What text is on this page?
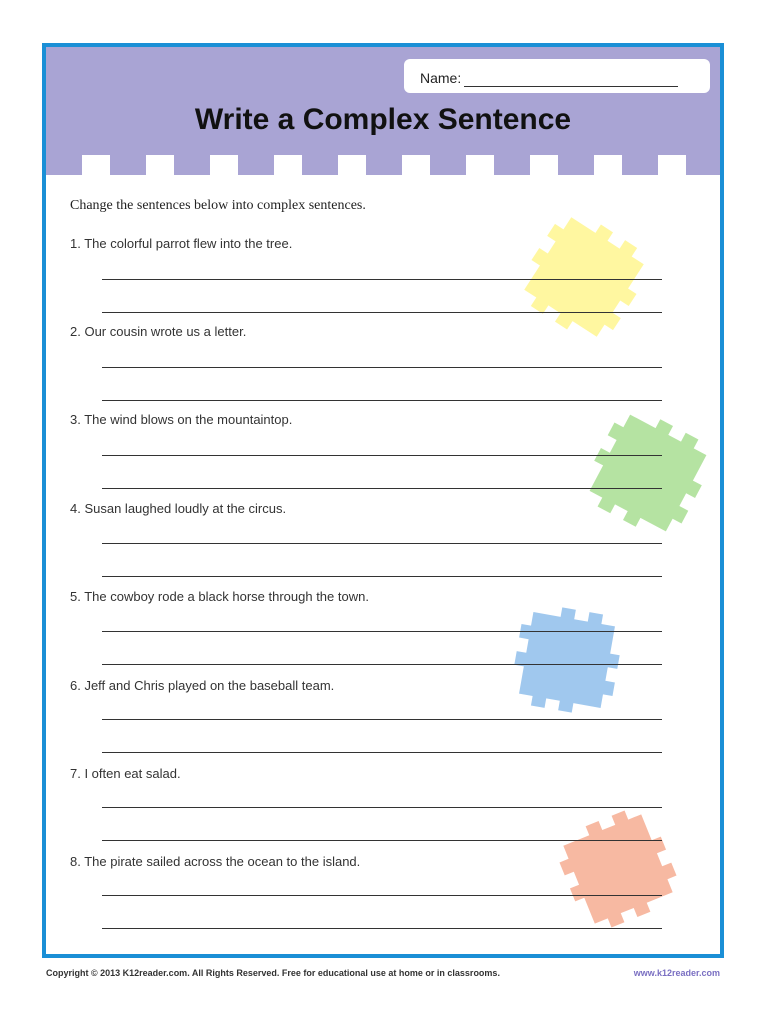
Name:
Write a Complex Sentence
Change the sentences below into complex sentences.
1. The colorful parrot flew into the tree.
2. Our cousin wrote us a letter.
3. The wind blows on the mountaintop.
4. Susan laughed loudly at the circus.
5. The cowboy rode a black horse through the town.
6. Jeff and Chris played on the baseball team.
7. I often eat salad.
8. The pirate sailed across the ocean to the island.
Copyright © 2013 K12reader.com. All Rights Reserved. Free for educational use at home or in classrooms.	www.k12reader.com
